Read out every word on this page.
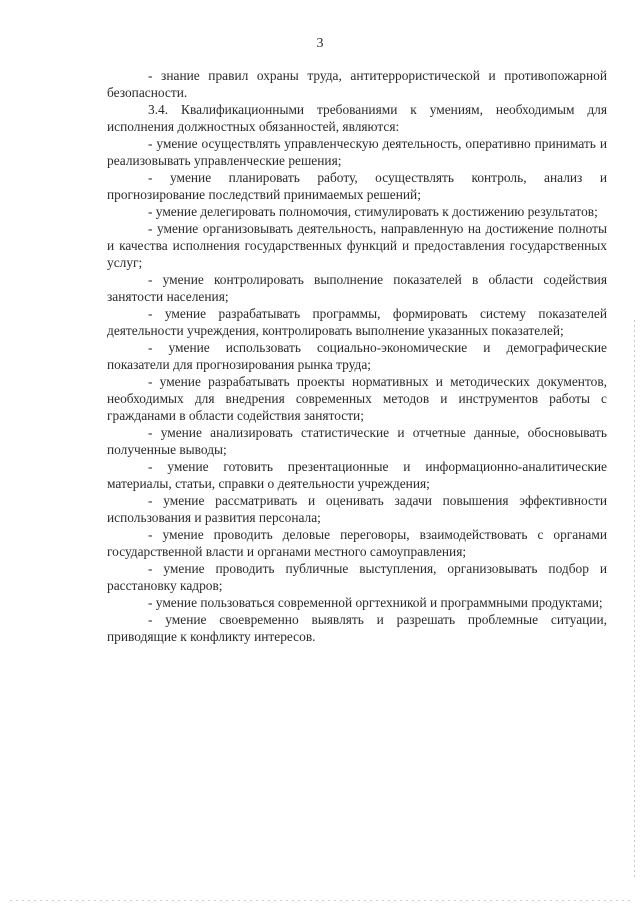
3

- знание правил охраны труда, антитеррористической и противопожарной безопасности.

3.4. Квалификационными требованиями к умениям, необходимым для исполнения должностных обязанностей, являются:

- умение осуществлять управленческую деятельность, оперативно принимать и реализовывать управленческие решения;

- умение планировать работу, осуществлять контроль, анализ и прогнозирование последствий принимаемых решений;

- умение делегировать полномочия, стимулировать к достижению результатов;

- умение организовывать деятельность, направленную на достижение полноты и качества исполнения государственных функций и предоставления государственных услуг;

- умение контролировать выполнение показателей в области содействия занятости населения;

- умение разрабатывать программы, формировать систему показателей деятельности учреждения, контролировать выполнение указанных показателей;

- умение использовать социально-экономические и демографические показатели для прогнозирования рынка труда;

- умение разрабатывать проекты нормативных и методических документов, необходимых для внедрения современных методов и инструментов работы с гражданами в области содействия занятости;

- умение анализировать статистические и отчетные данные, обосновывать полученные выводы;

- умение готовить презентационные и информационно-аналитические материалы, статьи, справки о деятельности учреждения;

- умение рассматривать и оценивать задачи повышения эффективности использования и развития персонала;

- умение проводить деловые переговоры, взаимодействовать с органами государственной власти и органами местного самоуправления;

- умение проводить публичные выступления, организовывать подбор и расстановку кадров;

- умение пользоваться современной оргтехникой и программными продуктами;

- умение своевременно выявлять и разрешать проблемные ситуации, приводящие к конфликту интересов.
